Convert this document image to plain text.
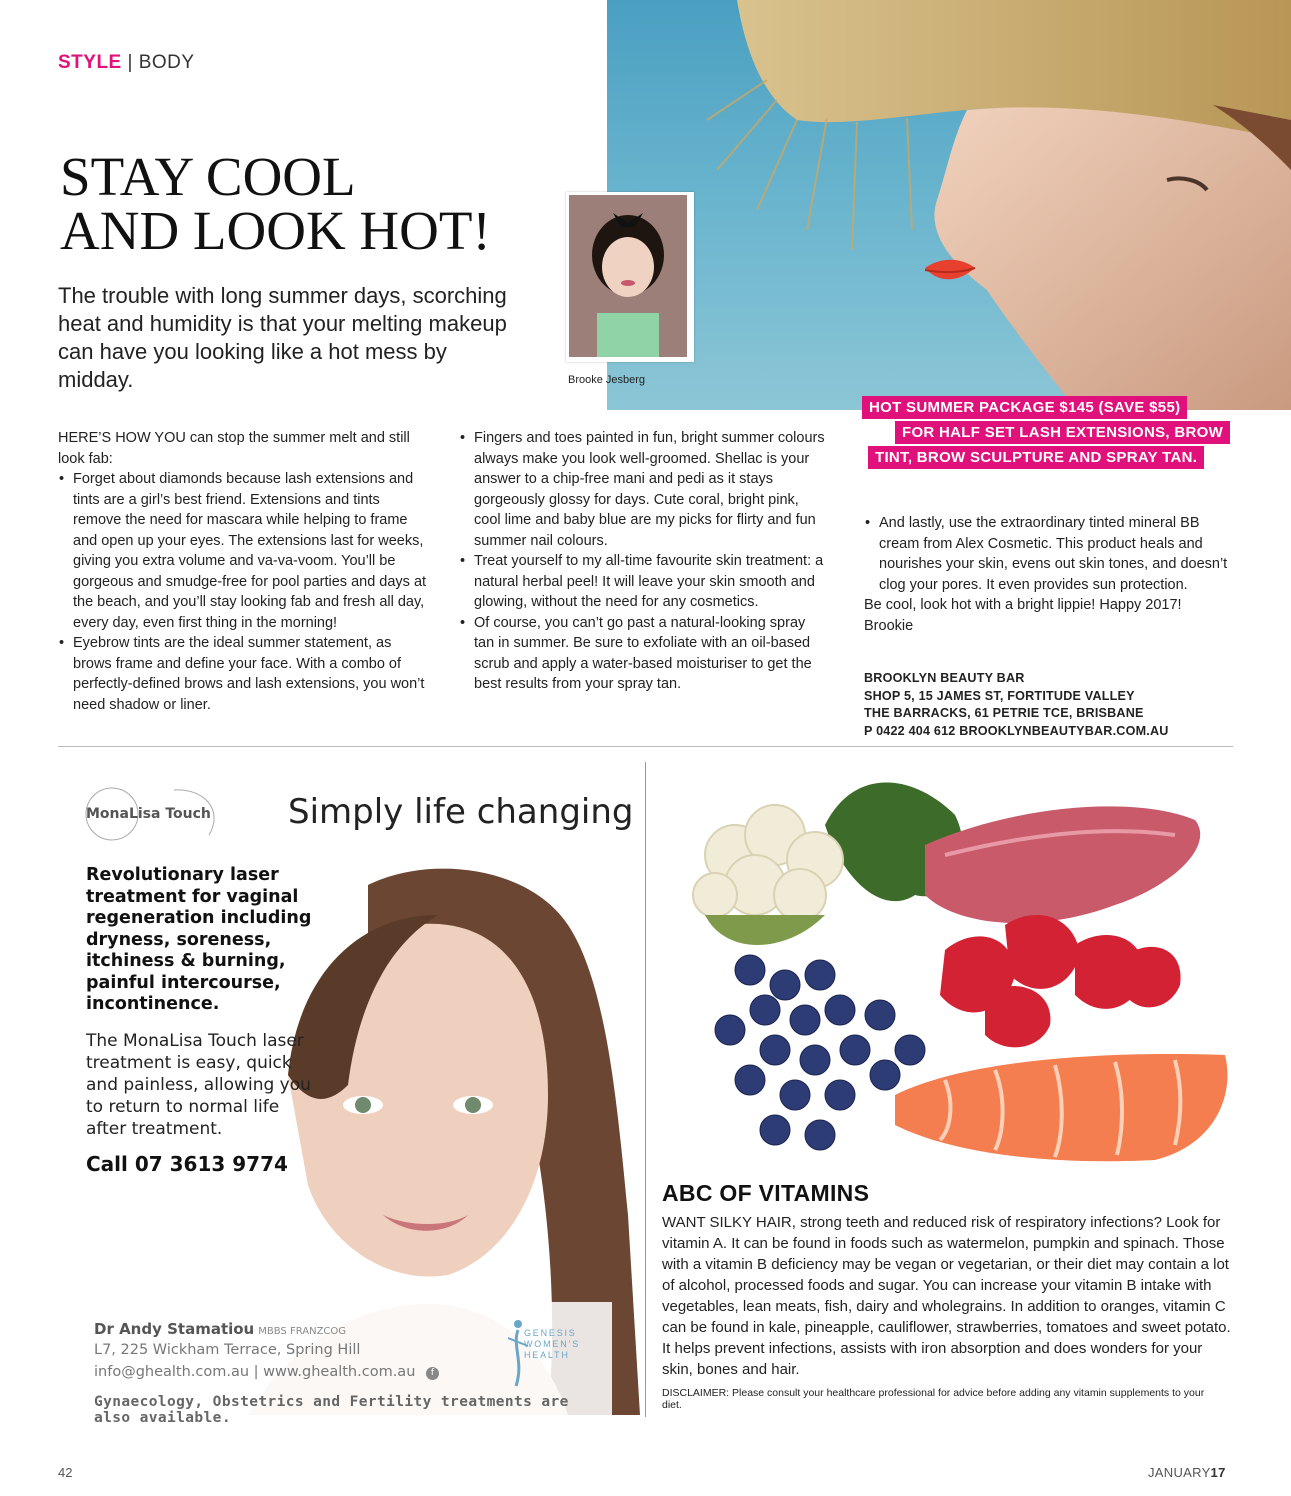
STYLE | BODY
STAY COOL
AND LOOK HOT!
The trouble with long summer days, scorching heat and humidity is that your melting makeup can have you looking like a hot mess by midday.	Brooke Jesberg
HERE’S HOW YOU can stop the summer melt and still look fab:
• Forget about diamonds because lash extensions and tints are a girl’s best friend. Extensions and tints remove the need for mascara while helping to frame and open up your eyes. The extensions last for weeks, giving you extra volume and va-va-voom. You’ll be gorgeous and smudge-free for pool parties and days at the beach, and you’ll stay looking fab and fresh all day, every day, even first thing in the morning!
• Eyebrow tints are the ideal summer statement, as brows frame and define your face. With a combo of perfectly-defined brows and lash extensions, you won’t need shadow or liner.
• Fingers and toes painted in fun, bright summer colours always make you look well-groomed. Shellac is your answer to a chip-free mani and pedi as it stays gorgeously glossy for days. Cute coral, bright pink, cool lime and baby blue are my picks for flirty and fun summer nail colours.
• Treat yourself to my all-time favourite skin treatment: a natural herbal peel! It will leave your skin smooth and glowing, without the need for any cosmetics.
• Of course, you can’t go past a natural-looking spray tan in summer. Be sure to exfoliate with an oil-based scrub and apply a water-based moisturiser to get the best results from your spray tan.
HOT SUMMER PACKAGE $145 (SAVE $55)
FOR HALF SET LASH EXTENSIONS, BROW
TINT, BROW SCULPTURE AND SPRAY TAN.
• And lastly, use the extraordinary tinted mineral BB cream from Alex Cosmetic. This product heals and nourishes your skin, evens out skin tones, and doesn’t clog your pores. It even provides sun protection.
Be cool, look hot with a bright lippie! Happy 2017!
Brookie
BROOKLYN BEAUTY BAR
SHOP 5, 15 JAMES ST, FORTITUDE VALLEY
THE BARRACKS, 61 PETRIE TCE, BRISBANE
P 0422 404 612 BROOKLYNBEAUTYBAR.COM.AU
MonaLisa Touch Simply life changing
Revolutionary laser treatment for vaginal regeneration including dryness, soreness, itchiness & burning, painful intercourse, incontinence.
The MonaLisa Touch laser treatment is easy, quick and painless, allowing you to return to normal life after treatment.
Call 07 3613 9774
Dr Andy Stamatiou MBBS FRANZCOG
L7, 225 Wickham Terrace, Spring Hill
info@ghealth.com.au | www.ghealth.com.au f
Gynaecology, Obstetrics and Fertility treatments are also available.
GENESIS
WOMEN’S
HEALTH
ABC OF VITAMINS
WANT SILKY HAIR, strong teeth and reduced risk of respiratory infections? Look for vitamin A. It can be found in foods such as watermelon, pumpkin and spinach. Those with a vitamin B deficiency may be vegan or vegetarian, or their diet may contain a lot of alcohol, processed foods and sugar. You can increase your vitamin B intake with vegetables, lean meats, fish, dairy and wholegrains. In addition to oranges, vitamin C can be found in kale, pineapple, cauliflower, strawberries, tomatoes and sweet potato. It helps prevent infections, assists with iron absorption and does wonders for your skin, bones and hair.
DISCLAIMER: Please consult your healthcare professional for advice before adding any vitamin supplements to your diet.
42	JANUARY17
